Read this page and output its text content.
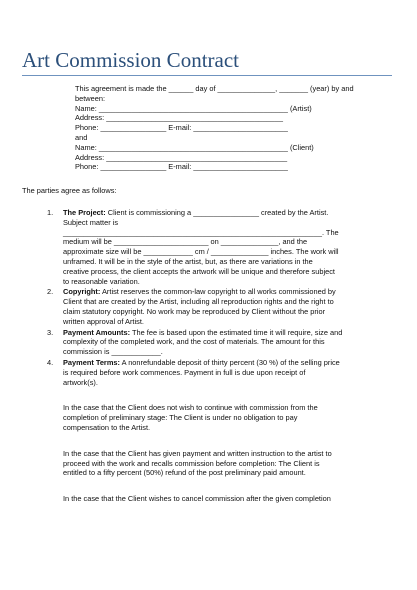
Art Commission Contract
This agreement is made the ______ day of ______________, _______ (year) by and
between:
Name: ______________________________________________ (Artist)
Address: ___________________________________________
Phone: ________________ E-mail: _______________________
and
Name: ______________________________________________ (Client)
Address: ____________________________________________
Phone: ________________ E-mail: _______________________
The parties agree as follows:
1. The Project: Client is commissioning a ________________ created by the Artist.
Subject matter is
_______________________________________________________________. The
medium will be _______________________ on ______________, and the
approximate size will be ____________ cm / ______________ inches. The work will
unframed. It will be in the style of the artist, but, as there are variations in the
creative process, the client accepts the artwork will be unique and therefore subject
to reasonable variation.
2. Copyright: Artist reserves the common-law copyright to all works commissioned by
Client that are created by the Artist, including all reproduction rights and the right to
claim statutory copyright. No work may be reproduced by Client without the prior
written approval of Artist.
3. Payment Amounts: The fee is based upon the estimated time it will require, size and
complexity of the completed work, and the cost of materials. The amount for this
commission is ____________.
4. Payment Terms: A nonrefundable deposit of thirty percent (30 %) of the selling price
is required before work commences. Payment in full is due upon receipt of
artwork(s).
In the case that the Client does not wish to continue with commission from the
completion of preliminary stage: The Client is under no obligation to pay
compensation to the Artist.
In the case that the Client has given payment and written instruction to the artist to
proceed with the work and recalls commission before completion: The Client is
entitled to a fifty percent (50%) refund of the post preliminary paid amount.
In the case that the Client wishes to cancel commission after the given completion
